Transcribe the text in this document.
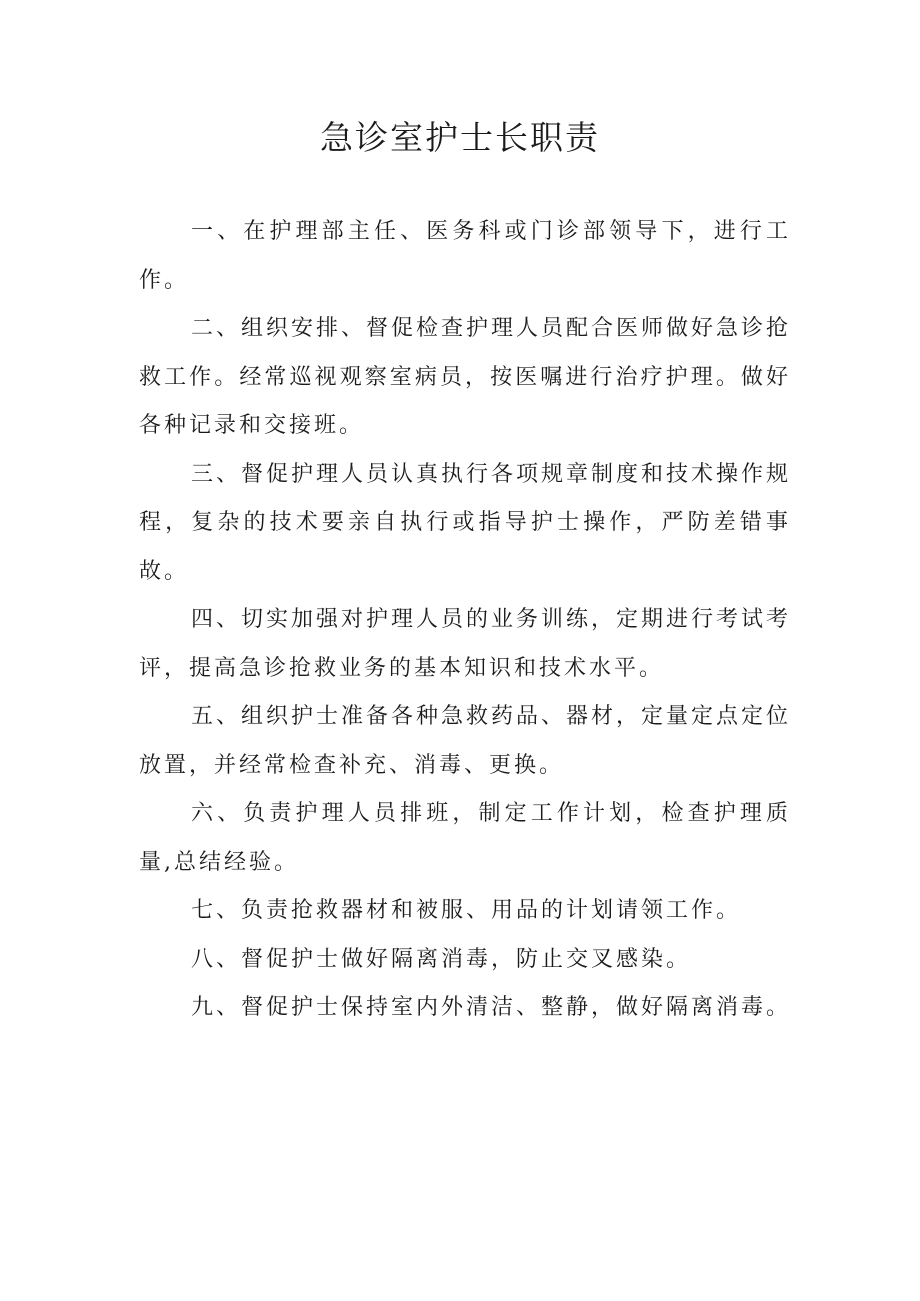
急诊室护士长职责

一、在护理部主任、医务科或门诊部领导下，进行工作。

二、组织安排、督促检查护理人员配合医师做好急诊抢救工作。经常巡视观察室病员，按医嘱进行治疗护理。做好各种记录和交接班。

三、督促护理人员认真执行各项规章制度和技术操作规程，复杂的技术要亲自执行或指导护士操作，严防差错事故。

四、切实加强对护理人员的业务训练，定期进行考试考评，提高急诊抢救业务的基本知识和技术水平。

五、组织护士准备各种急救药品、器材，定量定点定位放置，并经常检查补充、消毒、更换。

六、负责护理人员排班，制定工作计划，检查护理质量,总结经验。

七、负责抢救器材和被服、用品的计划请领工作。

八、督促护士做好隔离消毒，防止交叉感染。

九、督促护士保持室内外清洁、整静，做好隔离消毒。
